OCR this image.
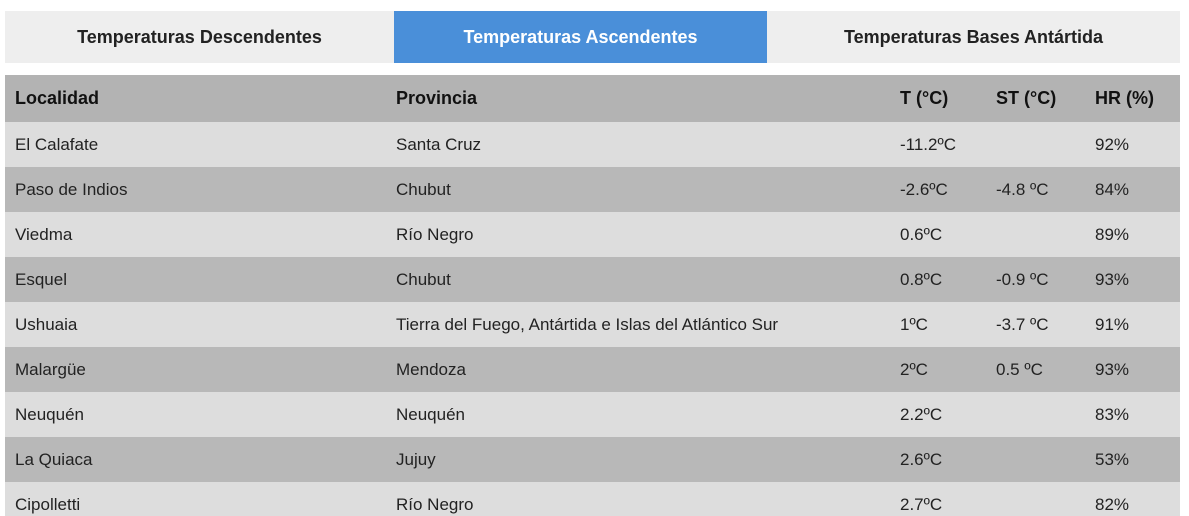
Temperaturas Descendentes	Temperaturas Ascendentes	Temperaturas Bases Antártida
Localidad	Provincia	T (°C)	ST (°C)	HR (%)
El Calafate	Santa Cruz	-11.2ºC		92%
Paso de Indios	Chubut	-2.6ºC	-4.8 ºC	84%
Viedma	Río Negro	0.6ºC		89%
Esquel	Chubut	0.8ºC	-0.9 ºC	93%
Ushuaia	Tierra del Fuego, Antártida e Islas del Atlántico Sur	1ºC	-3.7 ºC	91%
Malargüe	Mendoza	2ºC	0.5 ºC	93%
Neuquén	Neuquén	2.2ºC		83%
La Quiaca	Jujuy	2.6ºC		53%
Cipolletti	Río Negro	2.7ºC		82%
